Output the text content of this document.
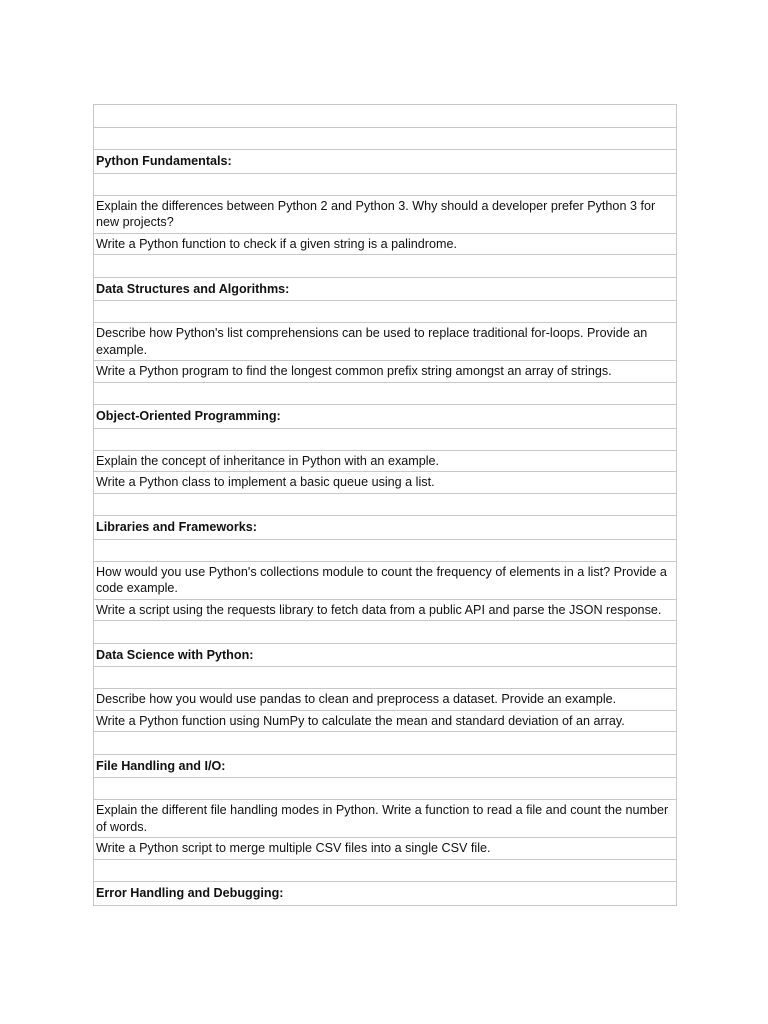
Python Fundamentals:
Explain the differences between Python 2 and Python 3. Why should a developer prefer Python 3 for new projects?
Write a Python function to check if a given string is a palindrome.
Data Structures and Algorithms:
Describe how Python's list comprehensions can be used to replace traditional for-loops. Provide an example.
Write a Python program to find the longest common prefix string amongst an array of strings.
Object-Oriented Programming:
Explain the concept of inheritance in Python with an example.
Write a Python class to implement a basic queue using a list.
Libraries and Frameworks:
How would you use Python's collections module to count the frequency of elements in a list? Provide a code example.
Write a script using the requests library to fetch data from a public API and parse the JSON response.
Data Science with Python:
Describe how you would use pandas to clean and preprocess a dataset. Provide an example.
Write a Python function using NumPy to calculate the mean and standard deviation of an array.
File Handling and I/O:
Explain the different file handling modes in Python. Write a function to read a file and count the number of words.
Write a Python script to merge multiple CSV files into a single CSV file.
Error Handling and Debugging:
